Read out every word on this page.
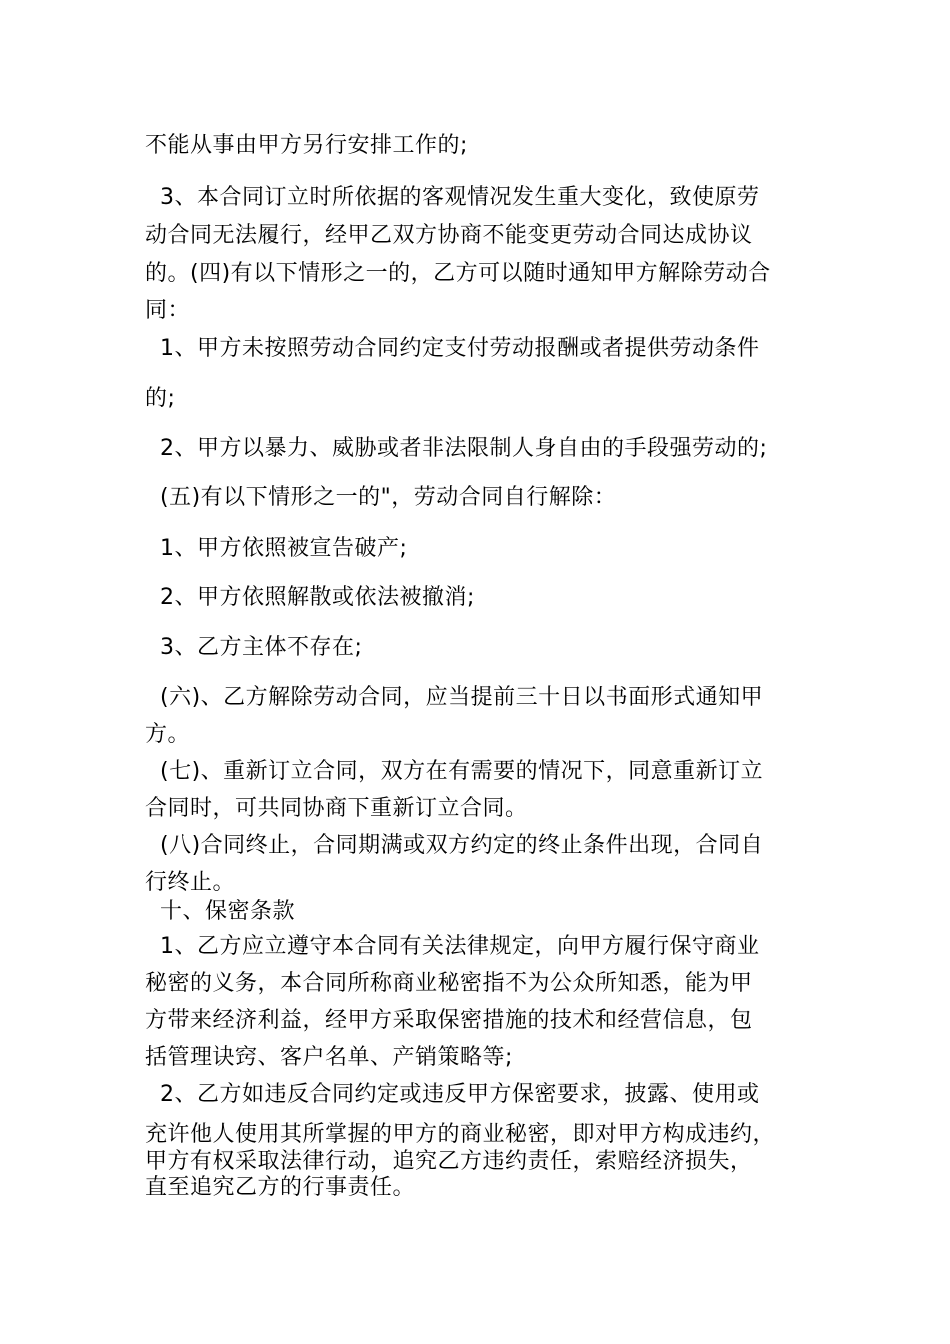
不能从事由甲方另行安排工作的;
3、本合同订立时所依据的客观情况发生重大变化，致使原劳
动合同无法履行，经甲乙双方协商不能变更劳动合同达成协议
的。(四)有以下情形之一的，乙方可以随时通知甲方解除劳动合
同：
1、甲方未按照劳动合同约定支付劳动报酬或者提供劳动条件
的;
2、甲方以暴力、威胁或者非法限制人身自由的手段强劳动的;
(五)有以下情形之一的"，劳动合同自行解除：
1、甲方依照被宣告破产;
2、甲方依照解散或依法被撤消;
3、乙方主体不存在;
(六)、乙方解除劳动合同，应当提前三十日以书面形式通知甲
方。
(七)、重新订立合同，双方在有需要的情况下，同意重新订立
合同时，可共同协商下重新订立合同。
(八)合同终止，合同期满或双方约定的终止条件出现，合同自
行终止。
十、保密条款
1、乙方应立遵守本合同有关法律规定，向甲方履行保守商业
秘密的义务，本合同所称商业秘密指不为公众所知悉，能为甲
方带来经济利益，经甲方采取保密措施的技术和经营信息，包
括管理诀窍、客户名单、产销策略等;
2、乙方如违反合同约定或违反甲方保密要求，披露、使用或
充许他人使用其所掌握的甲方的商业秘密，即对甲方构成违约，
甲方有权采取法律行动，追究乙方违约责任，索赔经济损失，
直至追究乙方的行事责任。
